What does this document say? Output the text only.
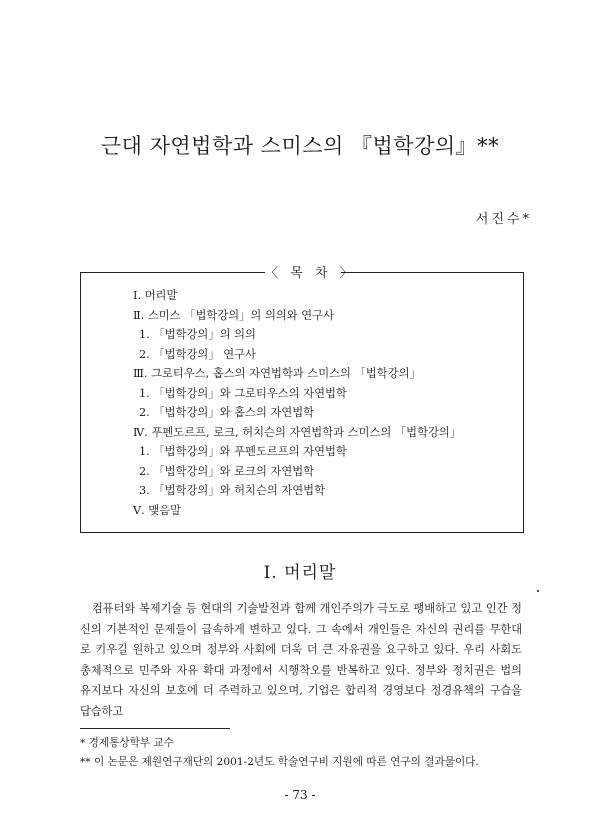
근대 자연법학과 스미스의 『법학강의』**
서진수*
〈 목 차 〉
Ⅰ. 머리말
Ⅱ. 스미스 「법학강의」의 의의와 연구사
1. 「법학강의」의 의의
2. 「법학강의」 연구사
Ⅲ. 그로티우스, 홉스의 자연법학과 스미스의 「법학강의」
1. 「법학강의」와 그로티우스의 자연법학
2. 「법학강의」와 홉스의 자연법학
Ⅳ. 푸펜도르프, 로크, 허치슨의 자연법학과 스미스의 「법학강의」
1. 「법학강의」와 푸펜도르프의 자연법학
2. 「법학강의」와 로크의 자연법학
3. 「법학강의」와 허치슨의 자연법학
Ⅴ. 맺음말
Ⅰ. 머리말
컴퓨터와 복제기술 등 현대의 기술발전과 함께 개인주의가 극도로 팽배하고 있고 인간 정신의 기본적인 문제들이 급속하게 변하고 있다. 그 속에서 개인들은 자신의 권리를 무한대로 키우길 원하고 있으며 정부와 사회에 더욱 더 큰 자유권을 요구하고 있다. 우리 사회도 총체적으로 민주와 자유 확대 과정에서 시행착오를 반복하고 있다. 정부와 정치권은 법의 유지보다 자신의 보호에 더 주력하고 있으며, 기업은 합리적 경영보다 정경유책의 구습을 답습하고
* 경제통상학부 교수
** 이 논문은 제원연구재단의 2001-2년도 학술연구비 지원에 따른 연구의 결과물이다.
- 73 -
